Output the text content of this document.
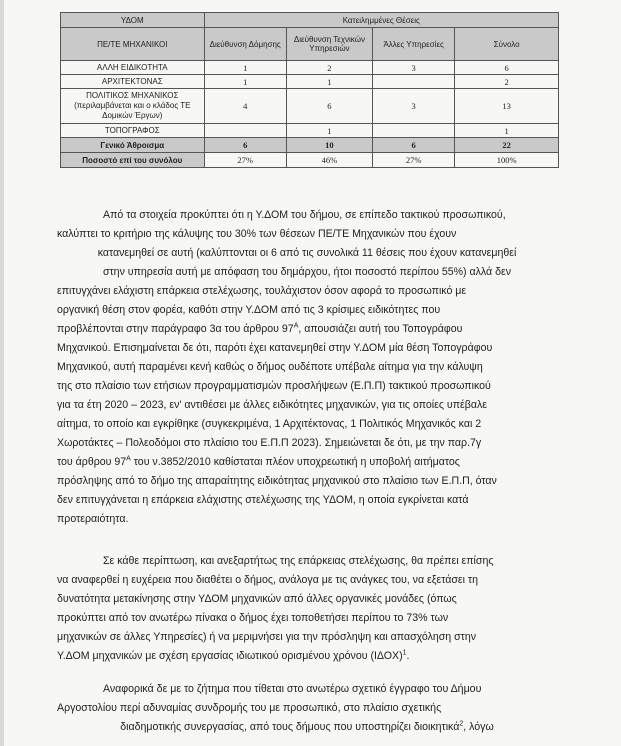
ΥΔΟΜ	Κατειλημμένες Θέσεις			
ΠΕ/ΤΕ ΜΗΧΑΝΙΚΟΙ	Διεύθυνση Δόμησης	Διεύθυνση Τεχνικών Υπηρεσιών	Άλλες Υπηρεσίες	Σύνολο
ΑΛΛΗ ΕΙΔΙΚΟΤΗΤΑ	1	2	3	6
ΑΡΧΙΤΕΚΤΟΝΑΣ	1	1		2
ΠΟΛΙΤΙΚΟΣ ΜΗΧΑΝΙΚΟΣ (περιλαμβάνεται και ο κλάδος ΤΕ Δομικών Έργων)	4	6	3	13
ΤΟΠΟΓΡΑΦΟΣ		1		1
Γενικό Άθροισμα	6	10	6	22
Ποσοστό επί του συνόλου	27%	46%	27%	100%

Από τα στοιχεία προκύπτει ότι η Υ.ΔΟΜ του δήμου, σε επίπεδο τακτικού προσωπικού,

καλύπτει το κριτήριο της κάλυψης του 30% των θέσεων ΠΕ/ΤΕ Μηχανικών που έχουν

κατανεμηθεί σε αυτή (καλύπτονται οι 6 από τις συνολικά 11 θέσεις που έχουν κατανεμηθεί

στην υπηρεσία αυτή με απόφαση του δημάρχου, ήτοι ποσοστό περίπου 55%) αλλά δεν

επιτυγχάνει ελάχιστη επάρκεια στελέχωσης, τουλάχιστον όσον αφορά το προσωπικό με

οργανική θέση στον φορέα, καθότι στην Υ.ΔΟΜ από τις 3 κρίσιμες ειδικότητες που

προβλέπονται στην παράγραφο 3α του άρθρου $97^A$, απουσιάζει αυτή του Τοπογράφου

Μηχανικού. Επισημαίνεται δε ότι, παρότι έχει κατανεμηθεί στην Υ.ΔΟΜ μία θέση Τοπογράφου

Μηχανικού, αυτή παραμένει κενή καθώς ο δήμος ουδέποτε υπέβαλε αίτημα για την κάλυψη

της στο πλαίσιο των ετήσιων προγραμματισμών προσλήψεων (Ε.Π.Π) τακτικού προσωπικού

για τα έτη 2020 – 2023, εν' αντιθέσει με άλλες ειδικότητες μηχανικών, για τις οποίες υπέβαλε

αίτημα, το οποίο και εγκρίθηκε (συγκεκριμένα, 1 Αρχιτέκτονας, 1 Πολιτικός Μηχανικός και 2

Χωροτάκτες – Πολεοδόμοι στο πλαίσιο του Ε.Π.Π 2023). Σημειώνεται δε ότι, με την παρ.7γ

του άρθρου $97^A$ του ν.3852/2010 καθίσταται πλέον υποχρεωτική η υποβολή αιτήματος

πρόσληψης από το δήμο της απαραίτητης ειδικότητας μηχανικού στο πλαίσιο των Ε.Π.Π, όταν

δεν επιτυγχάνεται η επάρκεια ελάχιστης στελέχωσης της ΥΔΟΜ, η οποία εγκρίνεται κατά

προτεραιότητα.

Σε κάθε περίπτωση, και ανεξαρτήτως της επάρκειας στελέχωσης, θα πρέπει επίσης

να αναφερθεί η ευχέρεια που διαθέτει ο δήμος, ανάλογα με τις ανάγκες του, να εξετάσει τη

δυνατότητα μετακίνησης στην ΥΔΟΜ μηχανικών από άλλες οργανικές μονάδες (όπως

προκύπτει από τον ανωτέρω πίνακα ο δήμος έχει τοποθετήσει περίπου το 73% των

μηχανικών σε άλλες Υπηρεσίες) ή να μεριμνήσει για την πρόσληψη και απασχόληση στην

Υ.ΔΟΜ μηχανικών με σχέση εργασίας ιδιωτικού ορισμένου χρόνου $(I\Delta OX)^1$.

Αναφορικά δε με το ζήτημα που τίθεται στο ανωτέρω σχετικό έγγραφο του Δήμου

Αργοστολίου περί αδυναμίας συνδρομής του με προσωπικό, στο πλαίσιο σχετικής

διαδημοτικής συνεργασίας, από τους δήμους που υποστηρίζει διοικητικά$^2$, λόγω
